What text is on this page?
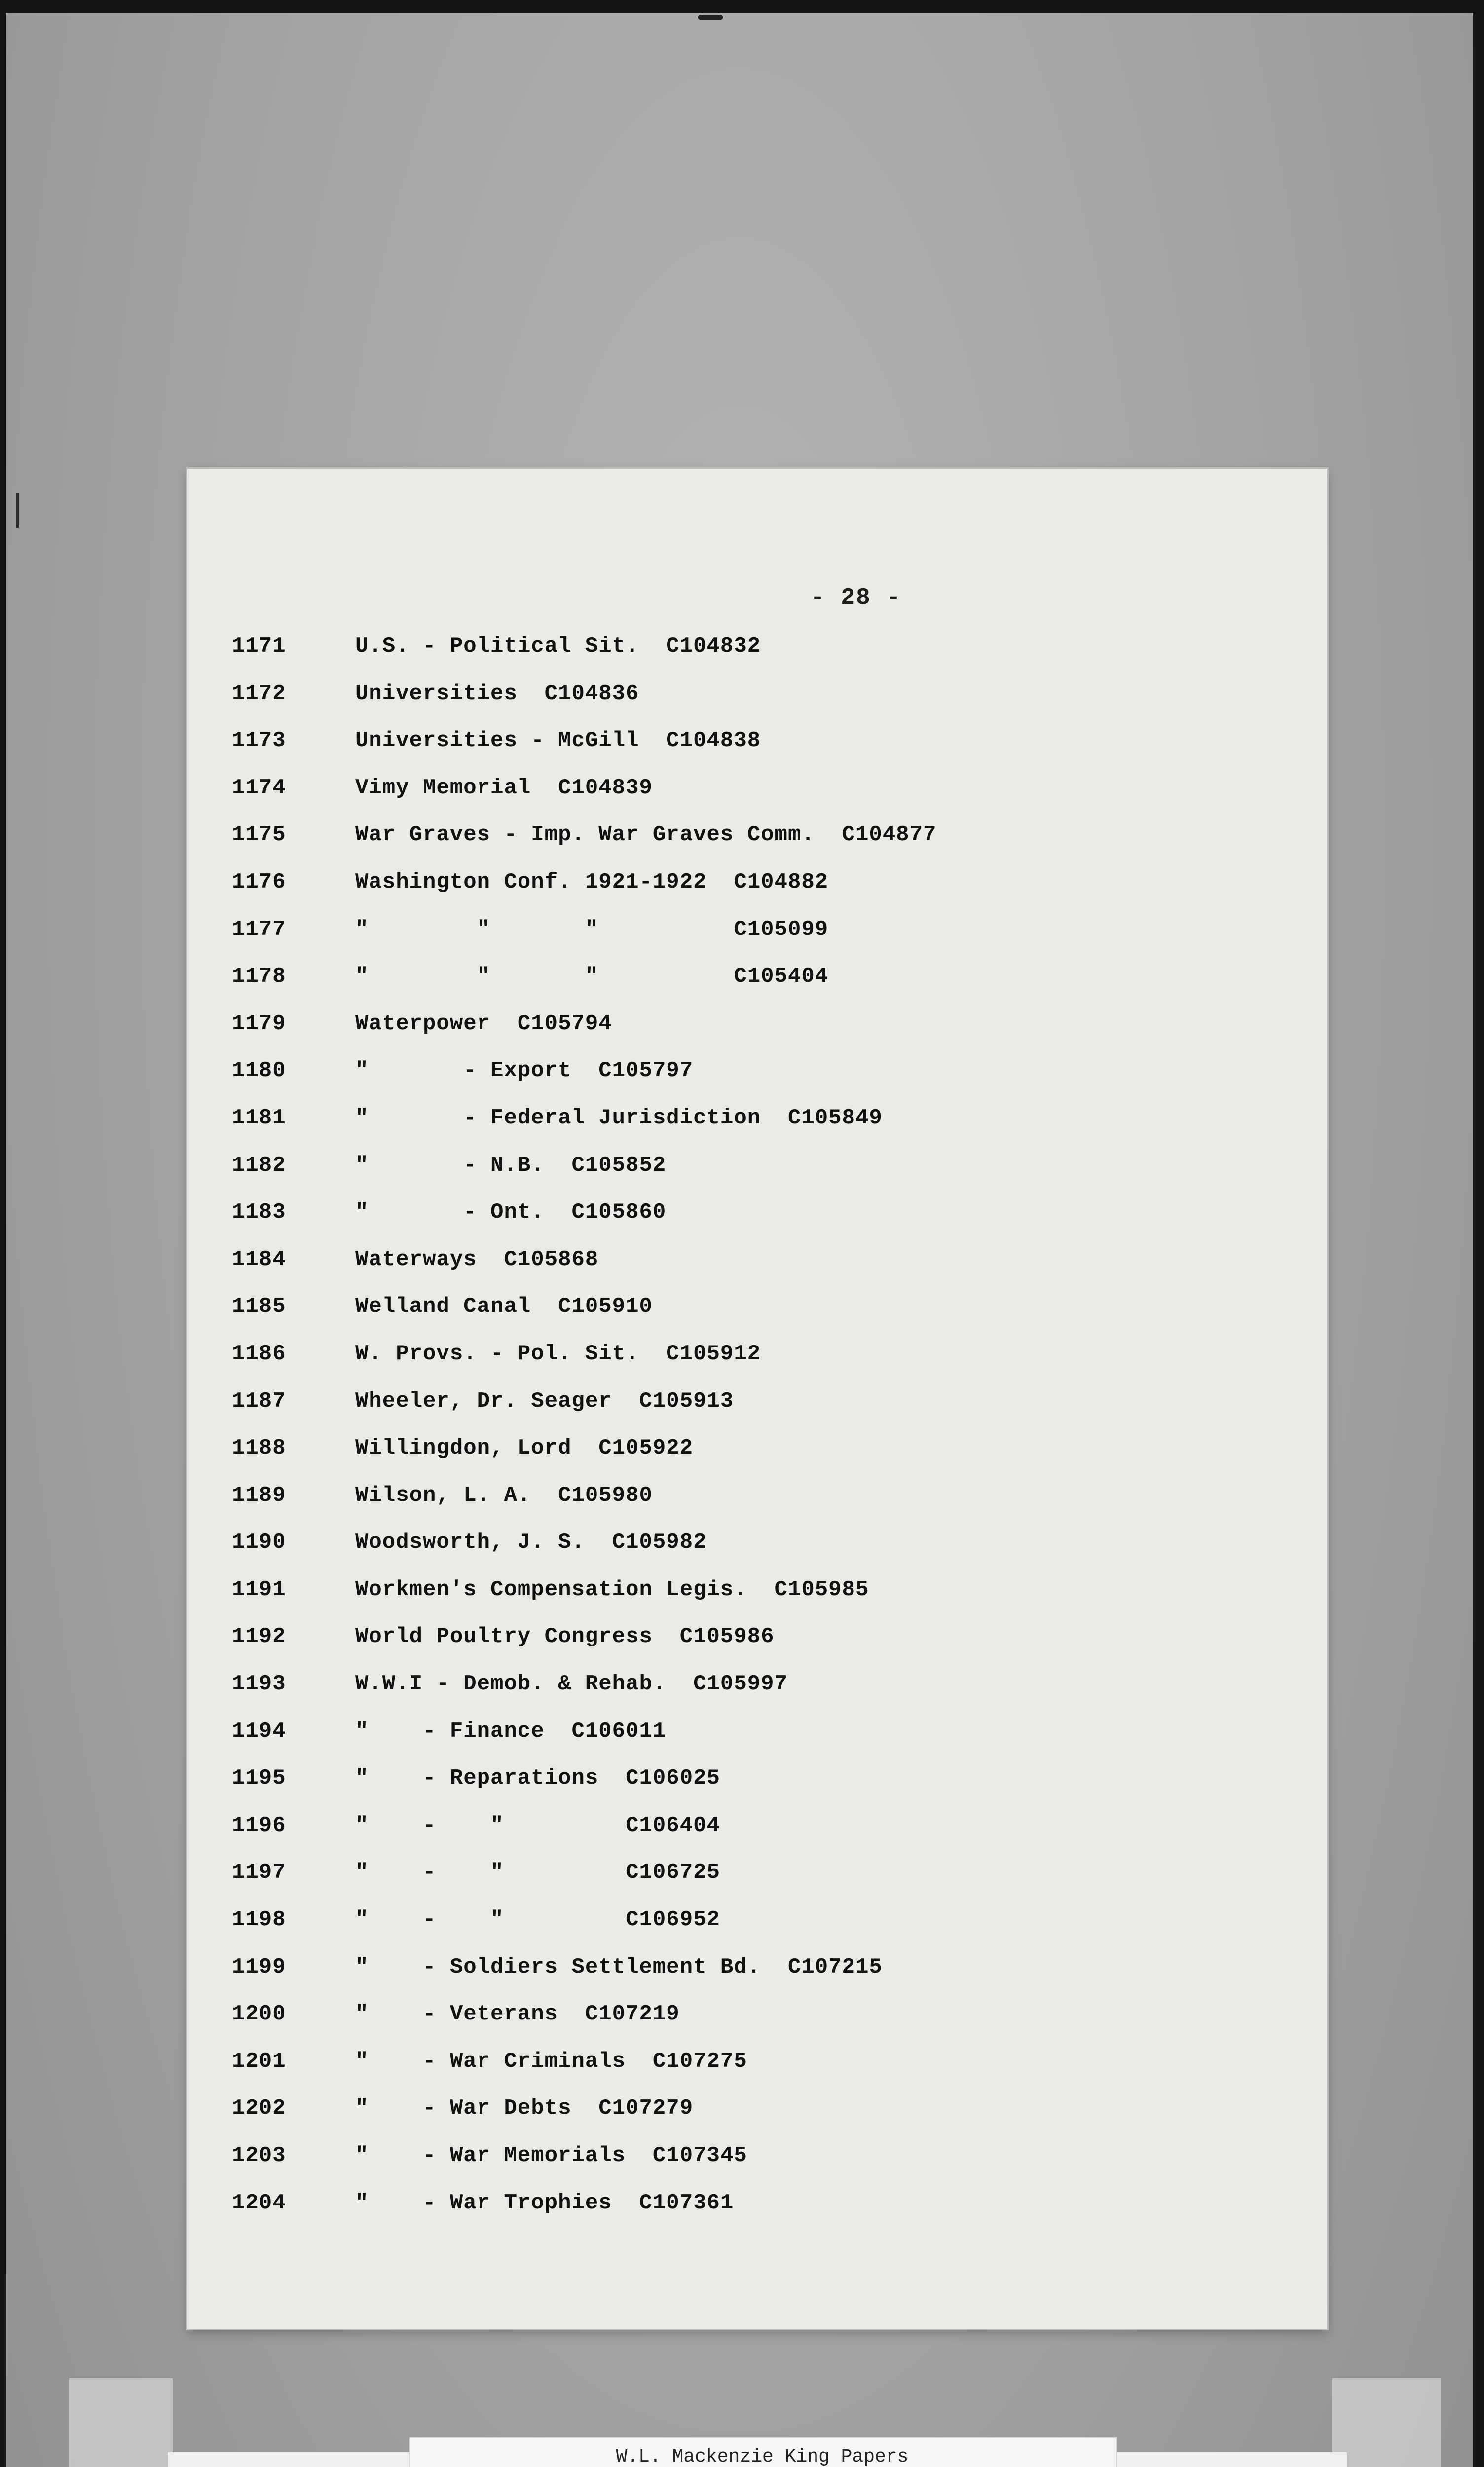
- 28 -
1171	U.S. - Political Sit.  C104832
1172	Universities  C104836
1173	Universities - McGill  C104838
1174	Vimy Memorial  C104839
1175	War Graves - Imp. War Graves Comm.  C104877
1176	Washington Conf. 1921-1922  C104882
1177	"        "       "          C105099
1178	"        "       "          C105404
1179	Waterpower  C105794
1180	"       - Export  C105797
1181	"       - Federal Jurisdiction  C105849
1182	"       - N.B.  C105852
1183	"       - Ont.  C105860
1184	Waterways  C105868
1185	Welland Canal  C105910
1186	W. Provs. - Pol. Sit.  C105912
1187	Wheeler, Dr. Seager  C105913
1188	Willingdon, Lord  C105922
1189	Wilson, L. A.  C105980
1190	Woodsworth, J. S.  C105982
1191	Workmen's Compensation Legis.  C105985
1192	World Poultry Congress  C105986
1193	W.W.I - Demob. & Rehab.  C105997
1194	"    - Finance  C106011
1195	"    - Reparations  C106025
1196	"    -    "         C106404
1197	"    -    "         C106725
1198	"    -    "         C106952
1199	"    - Soldiers Settlement Bd.  C107215
1200	"    - Veterans  C107219
1201	"    - War Criminals  C107275
1202	"    - War Debts  C107279
1203	"    - War Memorials  C107345
1204	"    - War Trophies  C107361
W.L. Mackenzie King Papers
